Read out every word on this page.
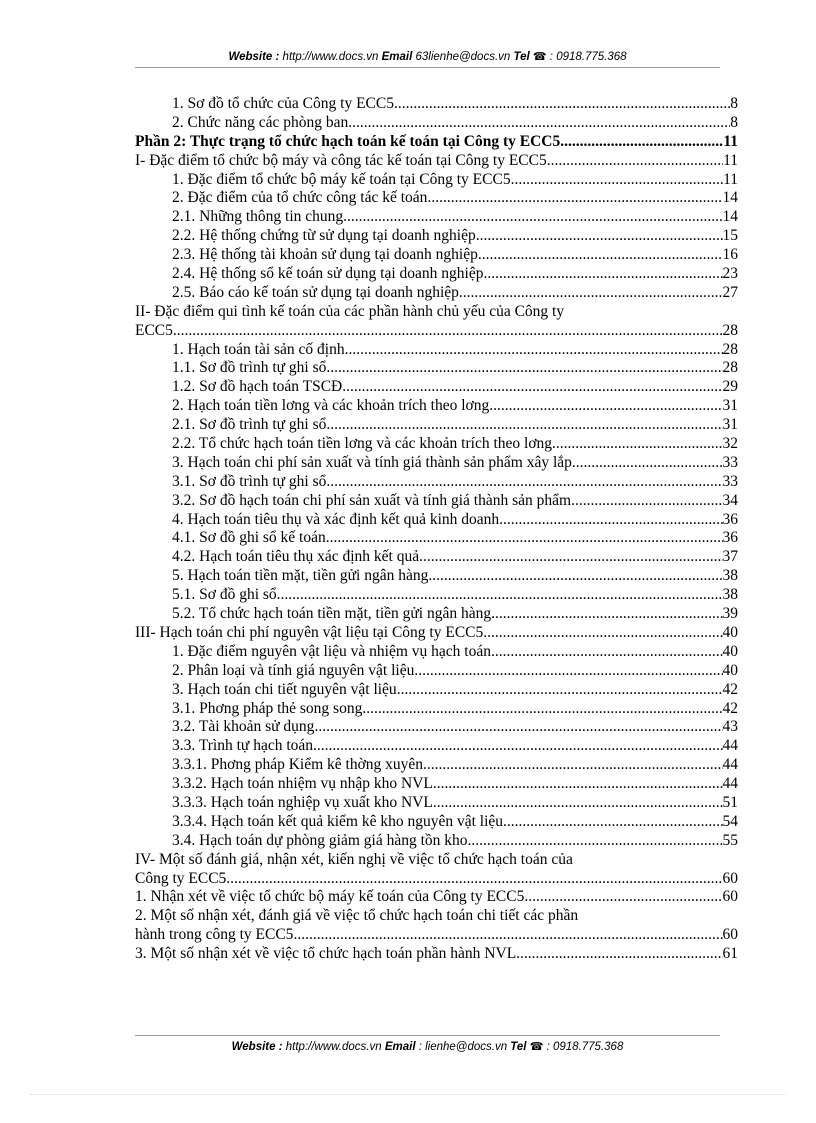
Website : http://www.docs.vn Email 63lienhe@docs.vn Tel ☎ : 0918.775.368
1. Sơ đồ tổ chức của Công ty ECC5 .....	8
2. Chức năng các phòng ban .....	8
Phần 2: Thực trạng tổ chức hạch toán kế toán tại Công ty ECC5 .....	11
I- Đặc điểm tổ chức bộ máy và công tác kế toán tại Công ty ECC5 .....	11
1. Đặc điểm tổ chức bộ máy kế toán tại Công ty ECC5 .....	11
2. Đặc điểm của tổ chức công tác kế toán .....	14
2.1. Những thông tin chung .....	14
2.2. Hệ thống chứng từ sử dụng tại doanh nghiệp .....	15
2.3. Hệ thống tài khoản sử dụng tại doanh nghiệp .....	16
2.4. Hệ thống sổ kế toán sử dụng tại doanh nghiệp .....	23
2.5. Báo cáo kế toán sử dụng tại doanh nghiệp .....	27
II- Đặc điểm qui tình kế toán của các phần hành chủ yếu của Công ty
ECC5 .....	28
1. Hạch toán tài sản cố định .....	28
1.1. Sơ đồ trình tự ghi sổ .....	28
1.2. Sơ đồ hạch toán TSCĐ .....	29
2. Hạch toán tiền lơng và các khoản trích theo lơng .....	31
2.1. Sơ đồ trình tự ghi sổ .....	31
2.2. Tổ chức hạch toán tiền lơng và các khoản trích theo lơng .....	32
3. Hạch toán chi phí sản xuất và tính giá thành sản phẩm xây lắp .....	33
3.1. Sơ đồ trình tự ghi sổ .....	33
3.2. Sơ đồ hạch toán chi phí sản xuất và tính giá thành sản phẩm .....	34
4. Hạch toán tiêu thụ và xác định kết quả kinh doanh .....	36
4.1. Sơ đồ ghi sổ kế toán .....	36
4.2. Hạch toán tiêu thụ xác định kết quả .....	37
5. Hạch toán tiền mặt, tiền gửi ngân hàng .....	38
5.1. Sơ đồ ghi sổ .....	38
5.2. Tổ chức hạch toán tiền mặt, tiền gửi ngân hàng .....	39
III- Hạch toán chi phí nguyên vật liệu tại Công ty ECC5 .....	40
1. Đặc điểm nguyên vật liệu và nhiệm vụ hạch toán .....	40
2. Phân loại và tính giá nguyên vật liệu .....	40
3. Hạch toán chi tiết nguyên vật liệu .....	42
3.1. Phơng pháp thẻ song song .....	42
3.2. Tài khoản sử dụng .....	43
3.3. Trình tự hạch toán .....	44
3.3.1. Phơng pháp Kiểm kê thờng xuyên .....	44
3.3.2. Hạch toán nhiệm vụ nhập kho NVL .....	44
3.3.3. Hạch toán nghiệp vụ xuất kho NVL .....	51
3.3.4. Hạch toán kết quả kiểm kê kho nguyên vật liệu .....	54
3.4. Hạch toán dự phòng giảm giá hàng tồn kho .....	55
IV- Một số đánh giá, nhận xét, kiến nghị về việc tổ chức hạch toán của
Công ty ECC5 .....	60
1. Nhận xét về việc tổ chức bộ máy kế toán của Công ty ECC5 .....	60
2. Một số nhận xét, đánh giá về việc tổ chức hạch toán chi tiết các phần
hành trong công ty ECC5 .....	60
3. Một số nhận xét về việc tổ chức hạch toán phần hành NVL .....	61
Website : http://www.docs.vn Email : lienhe@docs.vn Tel ☎ : 0918.775.368
